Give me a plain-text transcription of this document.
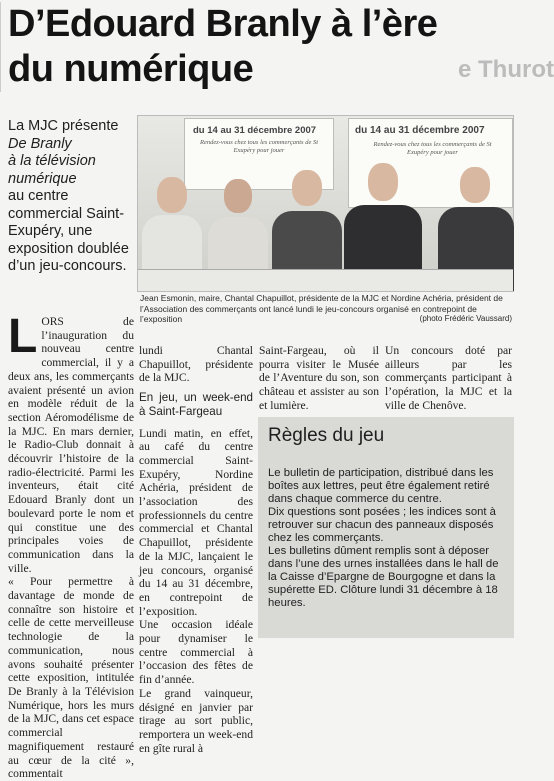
D’Edouard Branly à l’ère du numérique	e Thurot
La MJC présente
De Branly
à la télévision
numérique
au centre commercial Saint-Exupéry, une exposition doublée d’un jeu-concours.
du 14 au 31 décembre 2007
Rendez-vous chez tous les commerçants de St Exupéry pour jouer
du 14 au 31 décembre 2007
Rendez-vous chez tous les commerçants de St Exupéry pour jouer
Jean Esmonin, maire, Chantal Chapuillot, présidente de la MJC et Nordine Achéria, président de l’Association des commerçants ont lancé lundi le jeu-concours organisé en contrepoint de l’exposition	(photo Frédéric Vaussard)
L ORS de l’inauguration du nouveau centre commercial, il y a deux ans, les commerçants avaient présenté un avion en modèle réduit de la section Aéromodélisme de la MJC. En mars dernier, le Radio-Club donnait à découvrir l’histoire de la radio-électricité. Parmi les inventeurs, était cité Edouard Branly dont un boulevard porte le nom et qui constitue une des principales voies de communication dans la ville.

« Pour permettre à davantage de monde de connaître son histoire et celle de cette merveilleuse technologie de la communication, nous avons souhaité présenter cette exposition, intitulée De Branly à la Télévision Numérique, hors les murs de la MJC, dans cet espace commercial magnifiquement restauré au cœur de la cité », commentait

lundi Chantal Chapuillot, présidente de la MJC.

En jeu, un week-end à Saint-Fargeau

Lundi matin, en effet, au café du centre commercial Saint-Exupéry, Nordine Achéria, président de l’association des professionnels du centre commercial et Chantal Chapuillot, présidente de la MJC, lançaient le jeu concours, organisé du 14 au 31 décembre, en contrepoint de l’exposition.

Une occasion idéale pour dynamiser le centre commercial à l’occasion des fêtes de fin d’année.

Le grand vainqueur, désigné en janvier par tirage au sort public, remportera un week-end en gîte rural à

Saint-Fargeau, où il pourra visiter le Musée de l’Aventure du son, son château et assister au son et lumière.

Un concours doté par ailleurs par les commerçants participant à l’opération, la MJC et la ville de Chenôve.

Règles du jeu

Le bulletin de participation, distribué dans les boîtes aux lettres, peut être également retiré dans chaque commerce du centre.

Dix questions sont posées ; les indices sont à retrouver sur chacun des panneaux disposés chez les commerçants.

Les bulletins dûment remplis sont à déposer dans l’une des urnes installées dans le hall de la Caisse d’Epargne de Bourgogne et dans la supérette ED. Clôture lundi 31 décembre à 18 heures.
